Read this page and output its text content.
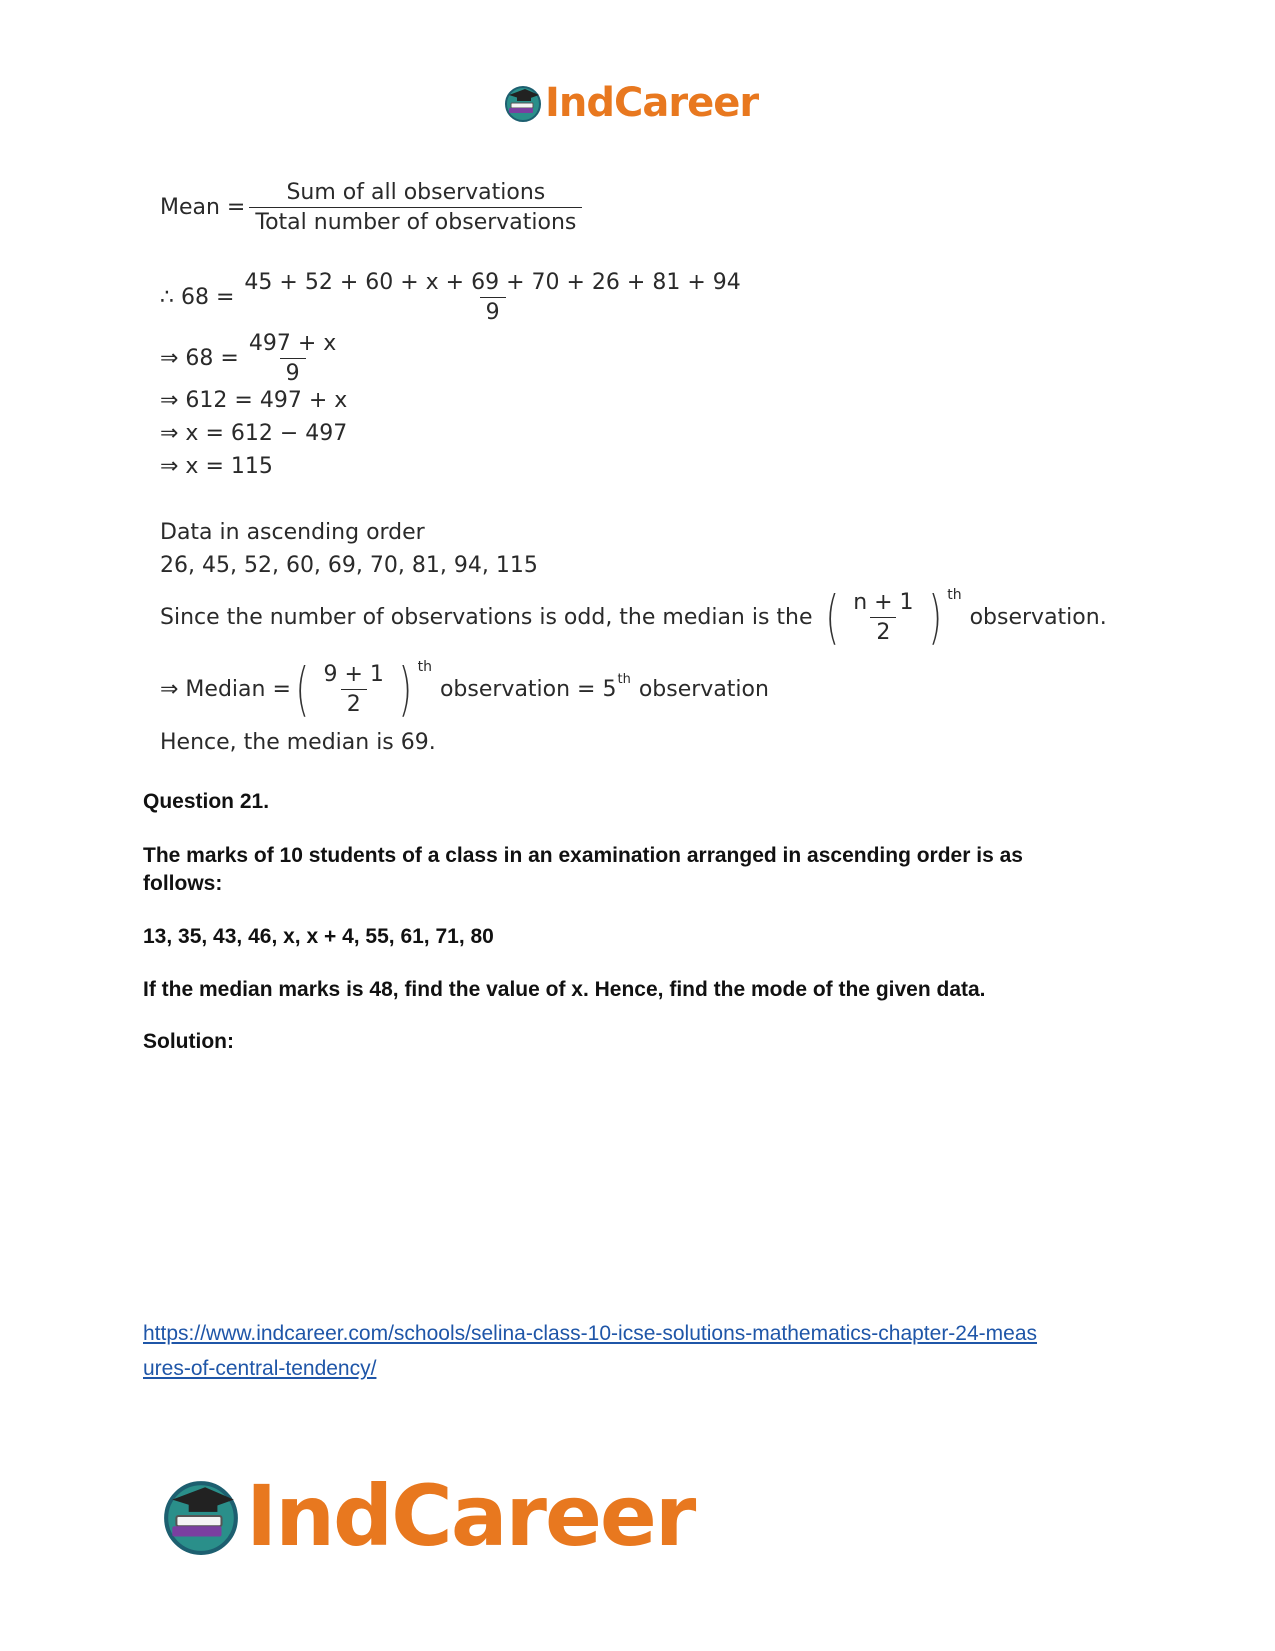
IndCareer
Mean = $\frac{\text{Sum of all observations}}{\text{Total number of observations}}$
∴ $68 = \frac{45 + 52 + 60 + x + 69 + 70 + 26 + 81 + 94}{9}$
⇒ $68 = \frac{497 + x}{9}$
⇒ 612 = 497 + x
⇒ x = 612 − 497
⇒ x = 115
Data in ascending order
26, 45, 52, 60, 69, 70, 81, 94, 115
Since the number of observations is odd, the median is the ( $\frac{n + 1}{2}$ ) th
observation.
⇒ Median = ( $\frac{9 + 1}{2}$ ) th
observation = 5 th observation
Hence, the median is 69.
Question 21.
The marks of 10 students of a class in an examination arranged in ascending order is as
follows:
13, 35, 43, 46, x, x + 4, 55, 61, 71, 80
If the median marks is 48, find the value of x. Hence, find the mode of the given data.
Solution:
https://www.indcareer.com/schools/selina-class-10-icse-solutions-mathematics-chapter-24-meas
ures-of-central-tendency/
IndCareer
